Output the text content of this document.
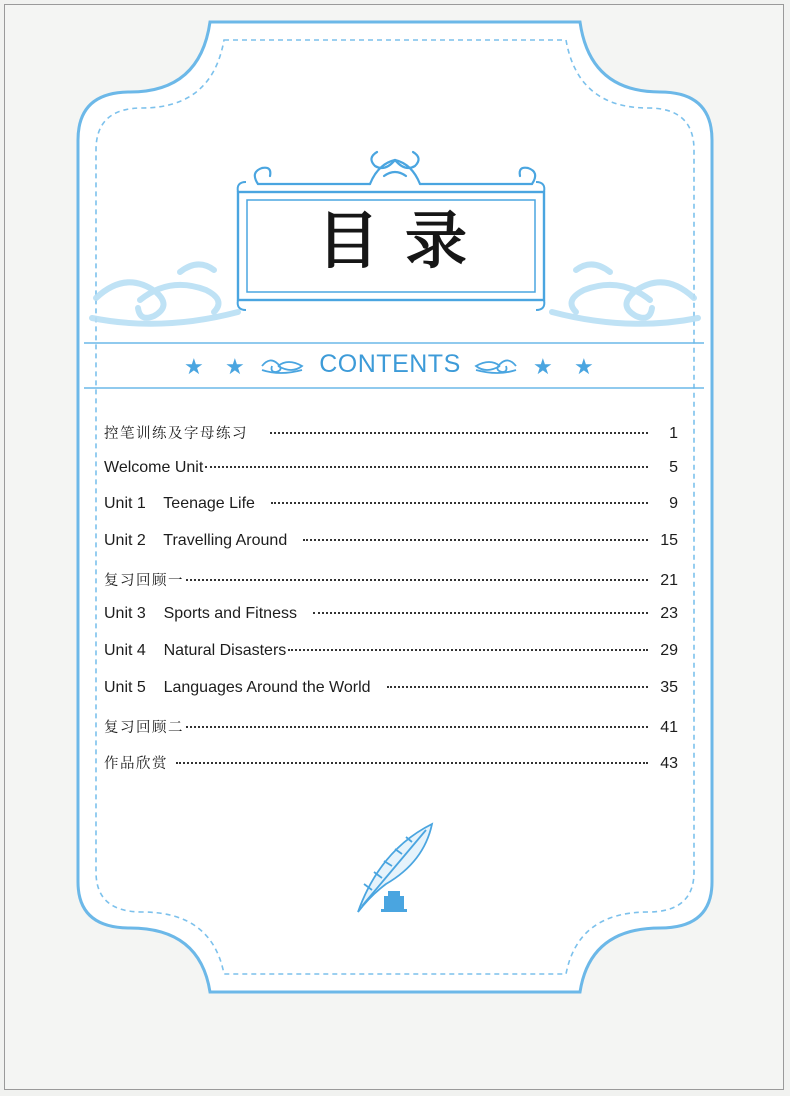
目录
★ ★	CONTENTS	★ ★
控笔训练及字母练习	1
Welcome Unit	5
Unit 1    Teenage Life	9
Unit 2    Travelling Around	15
复习回顾一	21
Unit 3    Sports and Fitness	23
Unit 4    Natural Disasters	29
Unit 5    Languages Around the World	35
复习回顾二	41
作品欣赏	43
